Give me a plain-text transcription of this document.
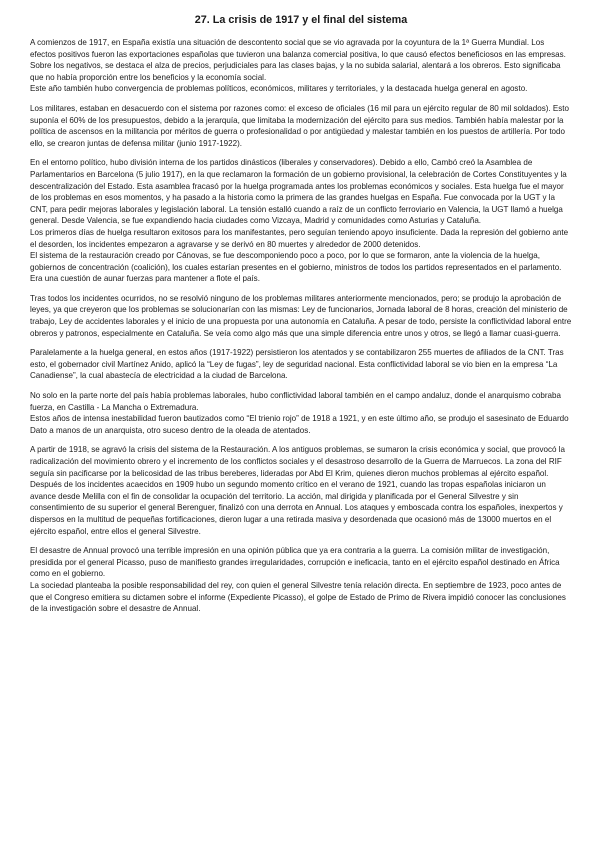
27. La crisis de 1917 y el final del sistema

A comienzos de 1917, en España existía una situación de descontento social que se vio agravada por la coyuntura de la 1ª Guerra Mundial. Los efectos positivos fueron las exportaciones españolas que tuvieron una balanza comercial positiva, lo que causó efectos beneficiosos en las empresas. Sobre los negativos, se destaca el alza de precios, perjudiciales para las clases bajas, y la no subida salarial, alentará a los obreros. Esto significaba que no había proporción entre los beneficios y la economía social.

Este año también hubo convergencia de problemas políticos, económicos, militares y territoriales, y la destacada huelga general en agosto.

Los militares, estaban en desacuerdo con el sistema por razones como: el exceso de oficiales (16 mil para un ejército regular de 80 mil soldados). Esto suponía el 60% de los presupuestos, debido a la jerarquía, que limitaba la modernización del ejército para sus medios. También había malestar por la política de ascensos en la militancia por méritos de guerra o profesionalidad o por antigüedad y malestar también en los puestos de artillería. Por todo ello, se crearon juntas de defensa militar (junio 1917-1922).

En el entorno político, hubo división interna de los partidos dinásticos (liberales y conservadores). Debido a ello, Cambó creó la Asamblea de Parlamentarios en Barcelona (5 julio 1917), en la que reclamaron la formación de un gobierno provisional, la celebración de Cortes Constituyentes y la descentralización del Estado. Esta asamblea fracasó por la huelga programada antes los problemas económicos y sociales. Esta huelga fue el mayor de los problemas en esos momentos, y ha pasado a la historia como la primera de las grandes huelgas en España. Fue convocada por la UGT y la CNT, para pedir mejoras laborales y legislación laboral. La tensión estalló cuando a raíz de un conflicto ferroviario en Valencia, la UGT llamó a huelga general. Desde Valencia, se fue expandiendo hacia ciudades como Vizcaya, Madrid y comunidades como Asturias y Cataluña.

Los primeros días de huelga resultaron exitosos para los manifestantes, pero seguían teniendo apoyo insuficiente. Dada la represión del gobierno ante el desorden, los incidentes empezaron a agravarse y se derivó en 80 muertes y alrededor de 2000 detenidos.

El sistema de la restauración creado por Cánovas, se fue descomponiendo poco a poco, por lo que se formaron, ante la violencia de la huelga, gobiernos de concentración (coalición), los cuales estarían presentes en el gobierno, ministros de todos los partidos representados en el parlamento. Era una cuestión de aunar fuerzas para mantener a flote el país.

Tras todos los incidentes ocurridos, no se resolvió ninguno de los problemas militares anteriormente mencionados, pero; se produjo la aprobación de leyes, ya que creyeron que los problemas se solucionarían con las mismas: Ley de funcionarios, Jornada laboral de 8 horas, creación del ministerio de trabajo, Ley de accidentes laborales y el inicio de una propuesta por una autonomía en Cataluña. A pesar de todo, persiste la conflictividad laboral entre obreros y patronos, especialmente en Cataluña. Se veía como algo más que una simple diferencia entre unos y otros, se llegó a llamar cuasi-guerra.

Paralelamente a la huelga general, en estos años (1917-1922) persistieron los atentados y se contabilizaron 255 muertes de afiliados de la CNT. Tras esto, el gobernador civil Martínez Anido, aplicó la “Ley de fugas”, ley de seguridad nacional. Esta conflictividad laboral se vio bien en la empresa “La Canadiense”, la cual abastecía de electricidad a la ciudad de Barcelona.

No solo en la parte norte del país había problemas laborales, hubo conflictividad laboral también en el campo andaluz, donde el anarquismo cobraba fuerza, en Castilla - La Mancha o Extremadura.

Estos años de intensa inestabilidad fueron bautizados como “El trienio rojo” de 1918 a 1921, y en este último año, se produjo el sasesinato de Eduardo Dato a manos de un anarquista, otro suceso dentro de la oleada de atentados.

A partir de 1918, se agravó la crisis del sistema de la Restauración. A los antiguos problemas, se sumaron la crisis económica y social, que provocó la radicalización del movimiento obrero y el incremento de los conflictos sociales y el desastroso desarrollo de la Guerra de Marruecos. La zona del RIF seguía sin pacificarse por la belicosidad de las tribus bereberes, lideradas por Abd El Krim, quienes dieron muchos problemas al ejército español. Después de los incidentes acaecidos en 1909 hubo un segundo momento crítico en el verano de 1921, cuando las tropas españolas iniciaron un avance desde Melilla con el fin de consolidar la ocupación del territorio. La acción, mal dirigida y planificada por el General Silvestre y sin consentimiento de su superior el general Berenguer, finalizó con una derrota en Annual. Los ataques y emboscada contra los españoles, inexpertos y dispersos en la multitud de pequeñas fortificaciones, dieron lugar a una retirada masiva y desordenada que ocasionó más de 13000 muertos en el ejército español, entre ellos el general Silvestre.

El desastre de Annual provocó una terrible impresión en una opinión pública que ya era contraria a la guerra. La comisión militar de investigación, presidida por el general Picasso, puso de manifiesto grandes irregularidades, corrupción e ineficacia, tanto en el ejército español destinado en África como en el gobierno.

La sociedad planteaba la posible responsabilidad del rey, con quien el general Silvestre tenía relación directa. En septiembre de 1923, poco antes de que el Congreso emitiera su dictamen sobre el informe (Expediente Picasso), el golpe de Estado de Primo de Rivera impidió conocer las conclusiones de la investigación sobre el desastre de Annual.
